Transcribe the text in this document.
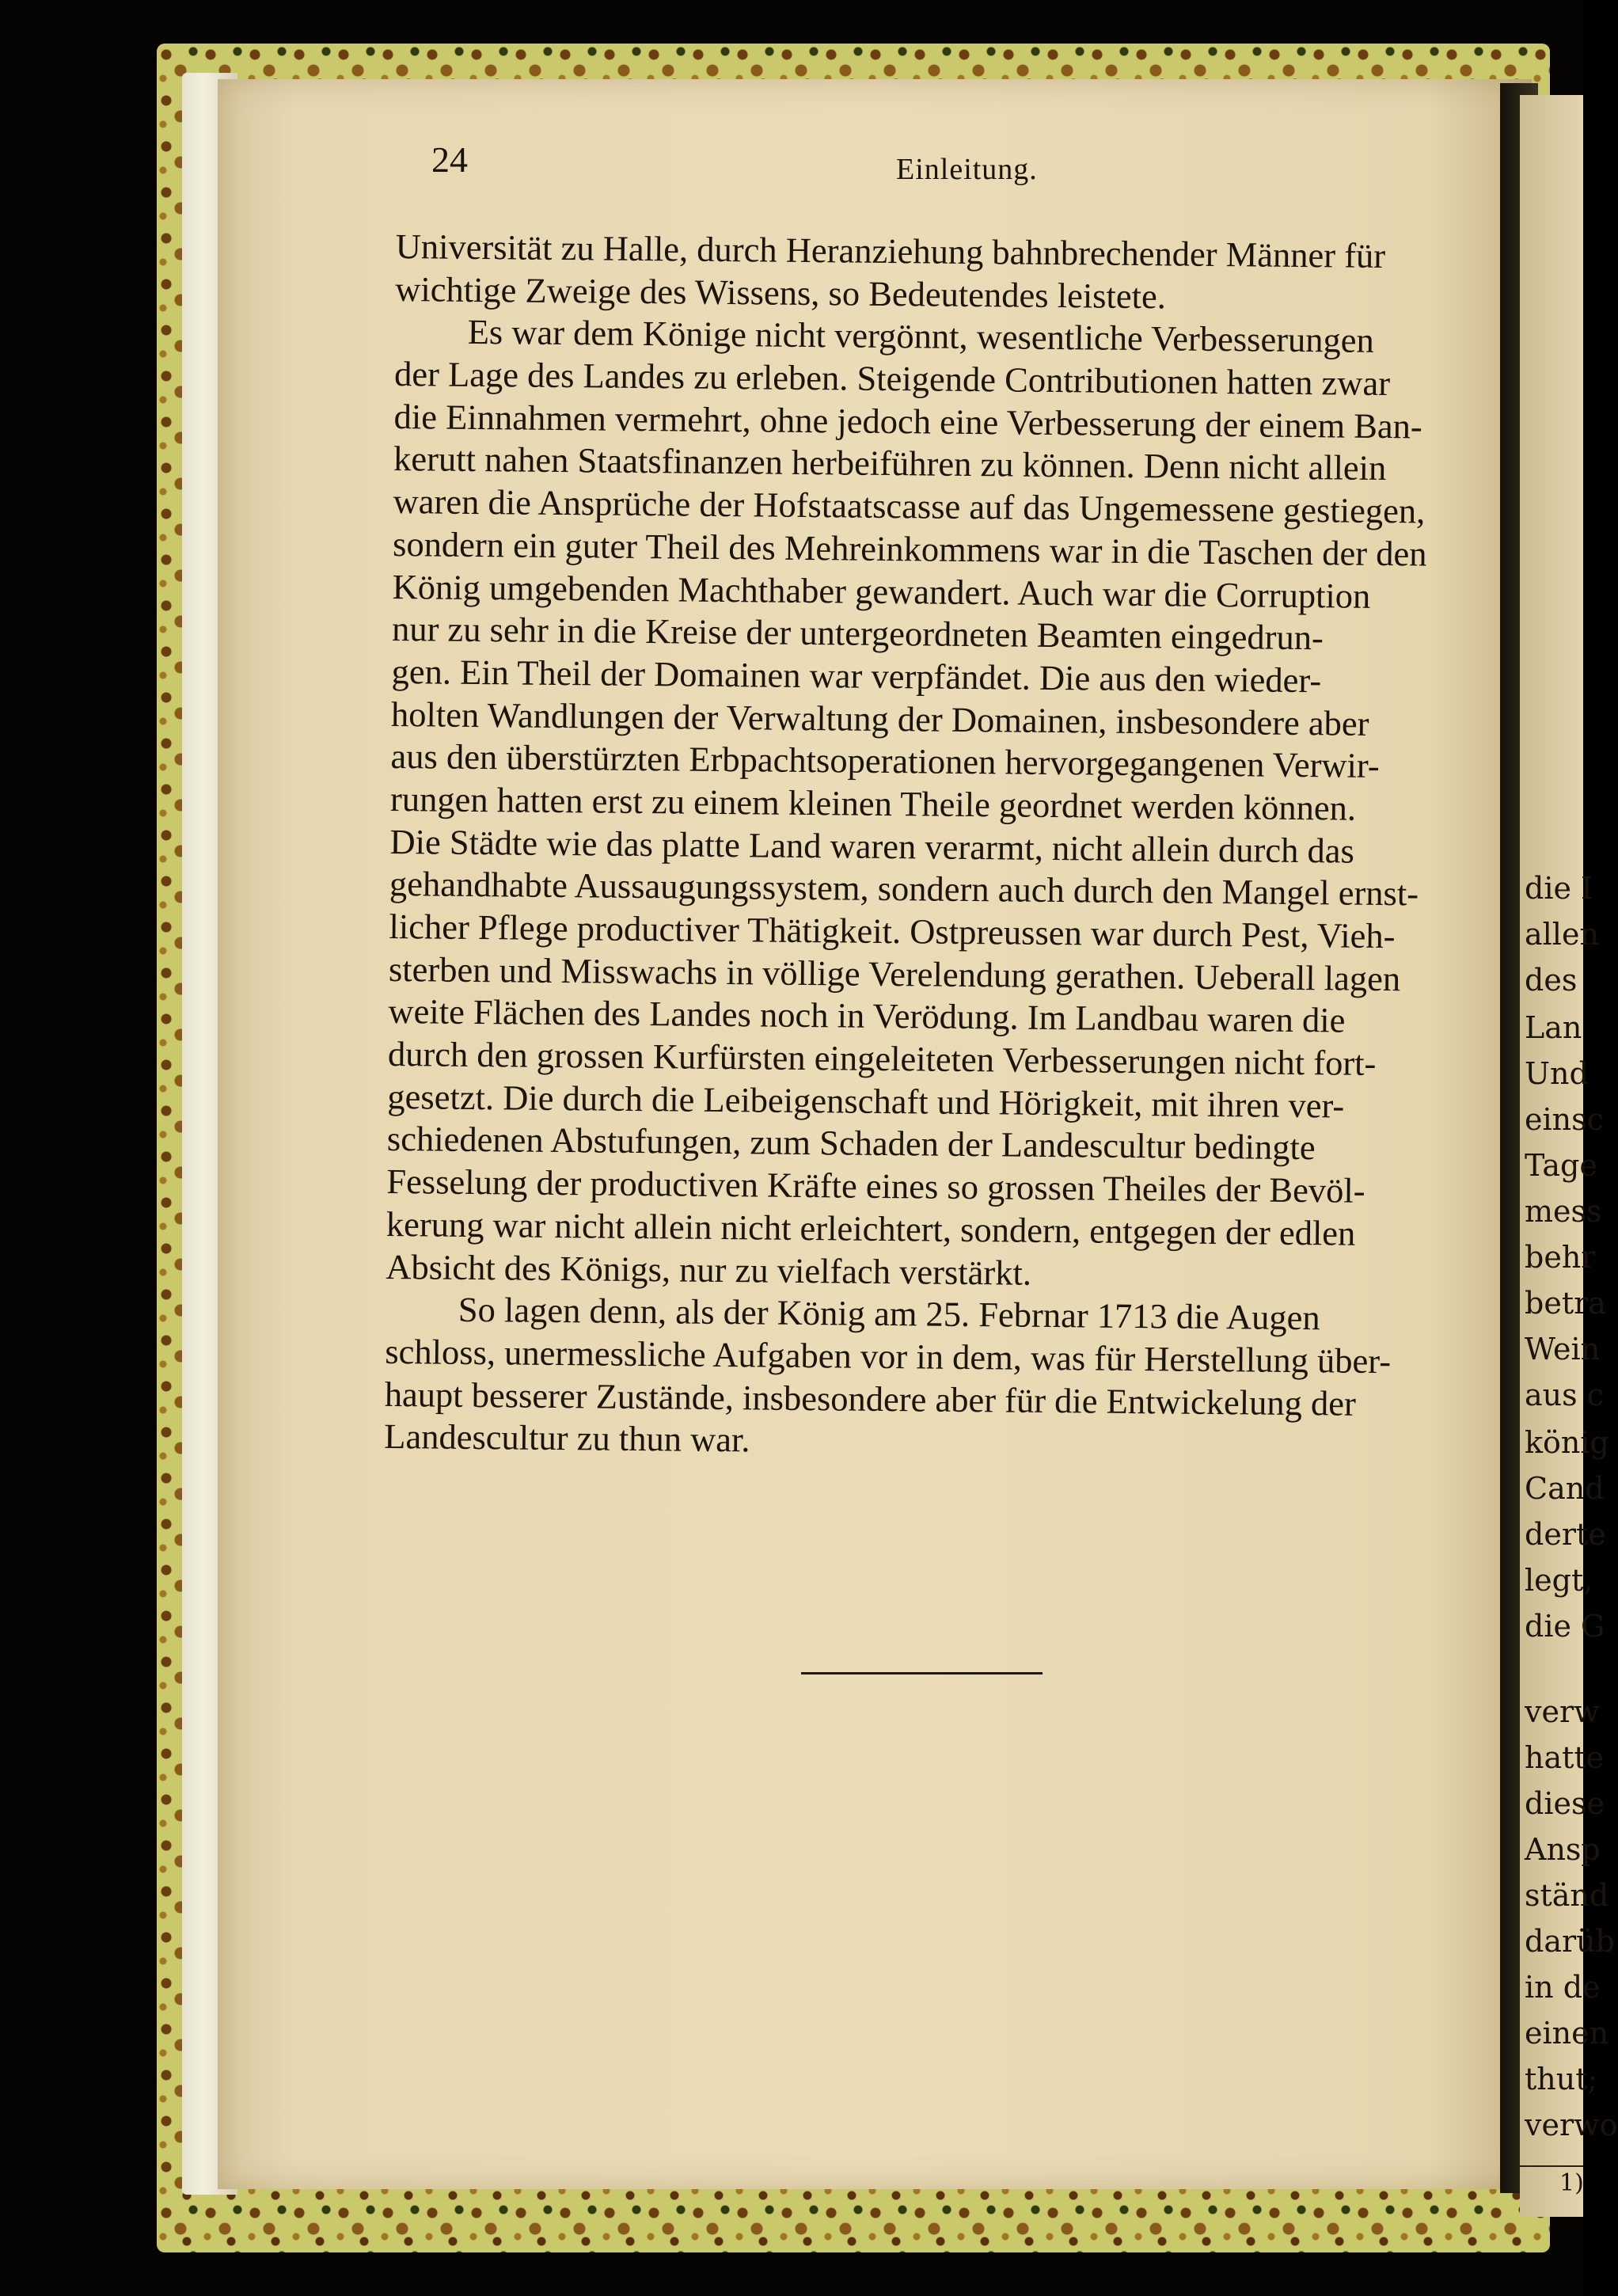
die I
allen
des
Lan
Und
einsc
Tage
mess
behr
betra
Wein
aus c
könig
Cand
derte
legt,
die G
verw
hatte
diese
Ansp
ständ
darüb
in de
einen
thut;
verwo
1)
24	Einleitung.
Universität zu Halle, durch Heranziehung bahnbrechender Männer für
wichtige Zweige des Wissens, so Bedeutendes leistete.
Es war dem Könige nicht vergönnt, wesentliche Verbesserungen
der Lage des Landes zu erleben. Steigende Contributionen hatten zwar
die Einnahmen vermehrt, ohne jedoch eine Verbesserung der einem Ban-
kerutt nahen Staatsfinanzen herbeiführen zu können. Denn nicht allein
waren die Ansprüche der Hofstaatscasse auf das Ungemessene gestiegen,
sondern ein guter Theil des Mehreinkommens war in die Taschen der den
König umgebenden Machthaber gewandert. Auch war die Corruption
nur zu sehr in die Kreise der untergeordneten Beamten eingedrun-
gen. Ein Theil der Domainen war verpfändet. Die aus den wieder-
holten Wandlungen der Verwaltung der Domainen, insbesondere aber
aus den überstürzten Erbpachtsoperationen hervorgegangenen Verwir-
rungen hatten erst zu einem kleinen Theile geordnet werden können.
Die Städte wie das platte Land waren verarmt, nicht allein durch das
gehandhabte Aussaugungssystem, sondern auch durch den Mangel ernst-
licher Pflege productiver Thätigkeit. Ostpreussen war durch Pest, Vieh-
sterben und Misswachs in völlige Verelendung gerathen. Ueberall lagen
weite Flächen des Landes noch in Verödung. Im Landbau waren die
durch den grossen Kurfürsten eingeleiteten Verbesserungen nicht fort-
gesetzt. Die durch die Leibeigenschaft und Hörigkeit, mit ihren ver-
schiedenen Abstufungen, zum Schaden der Landescultur bedingte
Fesselung der productiven Kräfte eines so grossen Theiles der Bevöl-
kerung war nicht allein nicht erleichtert, sondern, entgegen der edlen
Absicht des Königs, nur zu vielfach verstärkt.
So lagen denn, als der König am 25. Febrnar 1713 die Augen
schloss, unermessliche Aufgaben vor in dem, was für Herstellung über-
haupt besserer Zustände, insbesondere aber für die Entwickelung der
Landescultur zu thun war.
